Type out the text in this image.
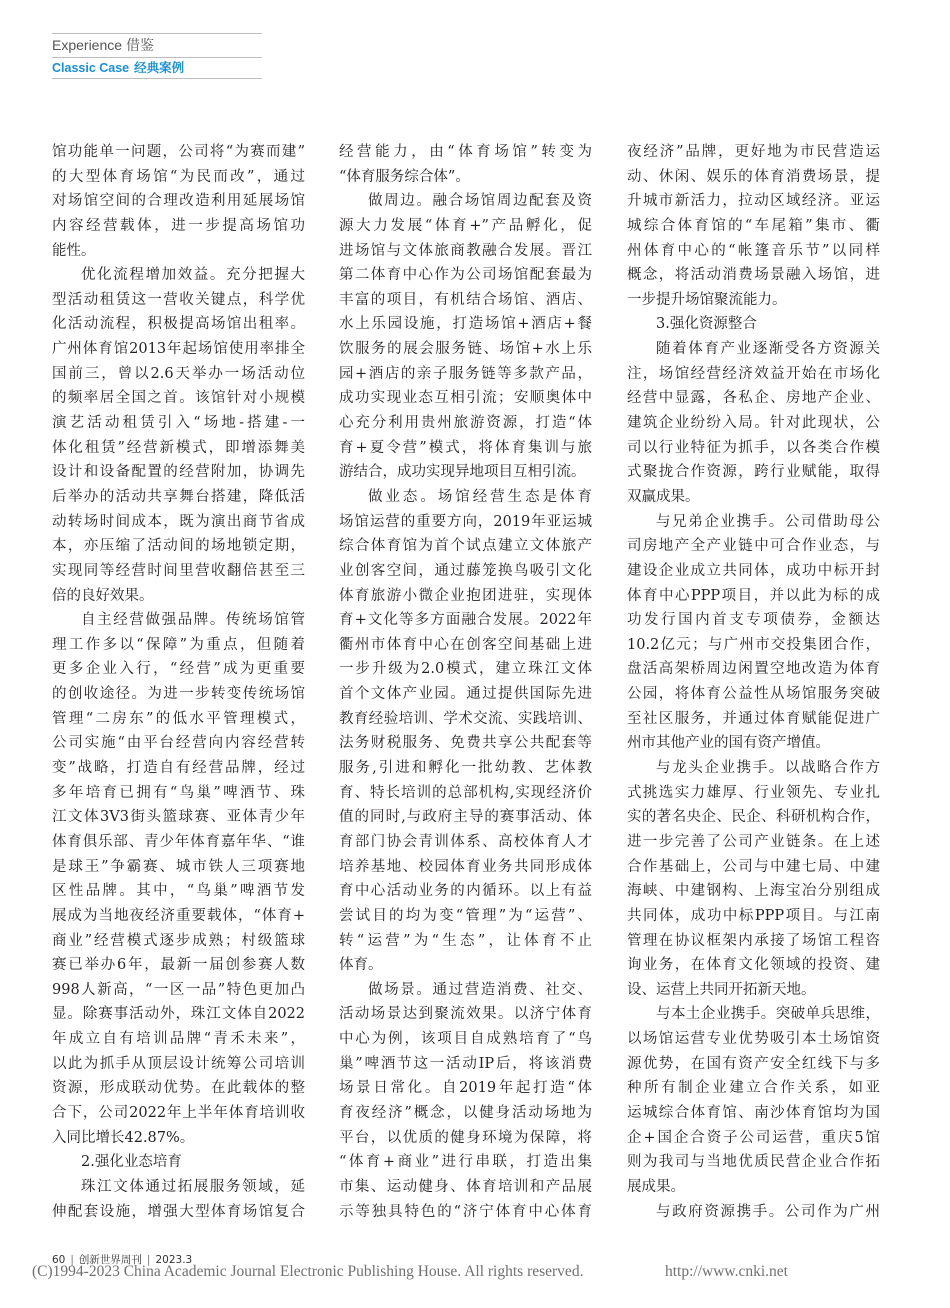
Experience 借鉴
Classic Case 经典案例
馆功能单一问题，公司将“为赛而建”
的大型体育场馆“为民而改”，通过
对场馆空间的合理改造利用延展场馆
内容经营载体，进一步提高场馆功
能性。
优化流程增加效益。充分把握大
型活动租赁这一营收关键点，科学优
化活动流程，积极提高场馆出租率。
广州体育馆2013年起场馆使用率排全
国前三，曾以2.6天举办一场活动位
的频率居全国之首。该馆针对小规模
演艺活动租赁引入“场地-搭建-一
体化租赁”经营新模式，即增添舞美
设计和设备配置的经营附加，协调先
后举办的活动共享舞台搭建，降低活
动转场时间成本，既为演出商节省成
本，亦压缩了活动间的场地锁定期，
实现同等经营时间里营收翻倍甚至三
倍的良好效果。
自主经营做强品牌。传统场馆管
理工作多以“保障”为重点，但随着
更多企业入行，“经营”成为更重要
的创收途径。为进一步转变传统场馆
管理“二房东”的低水平管理模式，
公司实施“由平台经营向内容经营转
变”战略，打造自有经营品牌，经过
多年培育已拥有“鸟巢”啤酒节、珠
江文体3V3街头篮球赛、亚体青少年
体育俱乐部、青少年体育嘉年华、“谁
是球王”争霸赛、城市铁人三项赛地
区性品牌。其中，“鸟巢”啤酒节发
展成为当地夜经济重要载体，“体育+
商业”经营模式逐步成熟；村级篮球
赛已举办6年，最新一届创参赛人数
998人新高，“一区一品”特色更加凸
显。除赛事活动外，珠江文体自2022
年成立自有培训品牌“青禾未来”，
以此为抓手从顶层设计统筹公司培训
资源，形成联动优势。在此载体的整
合下，公司2022年上半年体育培训收
入同比增长42.87%。
2.强化业态培育
珠江文体通过拓展服务领域，延
伸配套设施，增强大型体育场馆复合
经营能力，由“体育场馆”转变为
“体育服务综合体”。
做周边。融合场馆周边配套及资
源大力发展“体育+”产品孵化，促
进场馆与文体旅商教融合发展。晋江
第二体育中心作为公司场馆配套最为
丰富的项目，有机结合场馆、酒店、
水上乐园设施，打造场馆+酒店+餐
饮服务的展会服务链、场馆+水上乐
园+酒店的亲子服务链等多款产品，
成功实现业态互相引流；安顺奥体中
心充分利用贵州旅游资源，打造“体
育+夏令营”模式，将体育集训与旅
游结合，成功实现异地项目互相引流。
做业态。场馆经营生态是体育
场馆运营的重要方向，2019年亚运城
综合体育馆为首个试点建立文体旅产
业创客空间，通过藤笼换鸟吸引文化
体育旅游小微企业抱团进驻，实现体
育+文化等多方面融合发展。2022年
衢州市体育中心在创客空间基础上进
一步升级为2.0模式，建立珠江文体
首个文体产业园。通过提供国际先进
教育经验培训、学术交流、实践培训、
法务财税服务、免费共享公共配套等
服务,引进和孵化一批幼教、艺体教
育、特长培训的总部机构,实现经济价
值的同时,与政府主导的赛事活动、体
育部门协会青训体系、高校体育人才
培养基地、校园体育业务共同形成体
育中心活动业务的内循环。以上有益
尝试目的均为变“管理”为“运营”、
转“运营”为“生态”，让体育不止
体育。
做场景。通过营造消费、社交、
活动场景达到聚流效果。以济宁体育
中心为例，该项目自成熟培育了“鸟
巢”啤酒节这一活动IP后，将该消费
场景日常化。自2019年起打造“体
育夜经济”概念，以健身活动场地为
平台，以优质的健身环境为保障，将
“体育+商业”进行串联，打造出集
市集、运动健身、体育培训和产品展
示等独具特色的“济宁体育中心体育
夜经济”品牌，更好地为市民营造运
动、休闲、娱乐的体育消费场景，提
升城市新活力，拉动区域经济。亚运
城综合体育馆的“车尾箱”集市、衢
州体育中心的“帐篷音乐节”以同样
概念，将活动消费场景融入场馆，进
一步提升场馆聚流能力。
3.强化资源整合
随着体育产业逐渐受各方资源关
注，场馆经营经济效益开始在市场化
经营中显露，各私企、房地产企业、
建筑企业纷纷入局。针对此现状，公
司以行业特征为抓手，以各类合作模
式聚拢合作资源，跨行业赋能，取得
双赢成果。
与兄弟企业携手。公司借助母公
司房地产全产业链中可合作业态，与
建设企业成立共同体，成功中标开封
体育中心PPP项目，并以此为标的成
功发行国内首支专项债券，金额达
10.2亿元；与广州市交投集团合作，
盘活高架桥周边闲置空地改造为体育
公园，将体育公益性从场馆服务突破
至社区服务，并通过体育赋能促进广
州市其他产业的国有资产增值。
与龙头企业携手。以战略合作方
式挑选实力雄厚、行业领先、专业扎
实的著名央企、民企、科研机构合作，
进一步完善了公司产业链条。在上述
合作基础上，公司与中建七局、中建
海峡、中建钢构、上海宝冶分别组成
共同体，成功中标PPP项目。与江南
管理在协议框架内承接了场馆工程咨
询业务，在体育文化领域的投资、建
设、运营上共同开拓新天地。
与本土企业携手。突破单兵思维，
以场馆运营专业优势吸引本土场馆资
源优势，在国有资产安全红线下与多
种所有制企业建立合作关系，如亚
运城综合体育馆、南沙体育馆均为国
企+国企合资子公司运营，重庆5馆
则为我司与当地优质民营企业合作拓
展成果。
与政府资源携手。公司作为广州
60 | 创新世界周刊 | 2023.3
(C)1994-2023 China Academic Journal Electronic Publishing House. All rights reserved.	http://www.cnki.net
